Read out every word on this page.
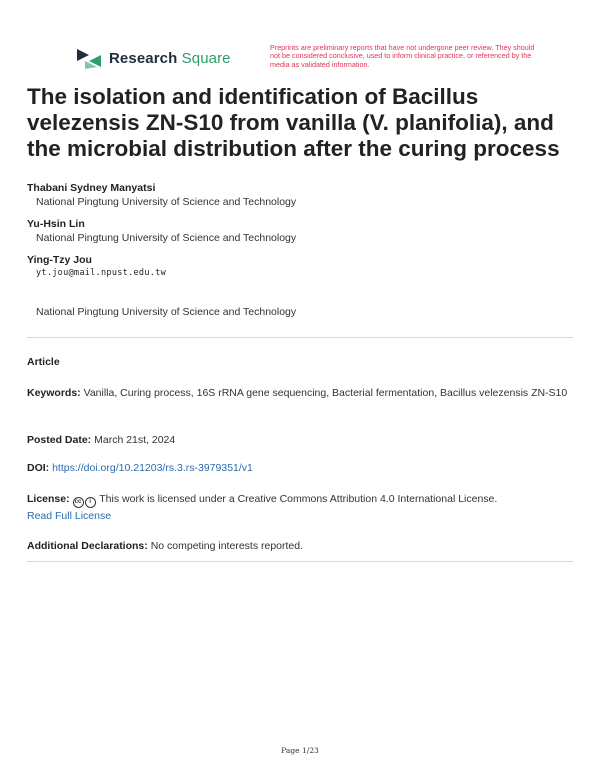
Research Square
Preprints are preliminary reports that have not undergone peer review. They should not be considered conclusive, used to inform clinical practice, or referenced by the media as validated information.
The isolation and identification of Bacillus velezensis ZN-S10 from vanilla (V. planifolia), and the microbial distribution after the curing process
Thabani Sydney Manyatsi
National Pingtung University of Science and Technology
Yu-Hsin Lin
National Pingtung University of Science and Technology
Ying-Tzy Jou
yt.jou@mail.npust.edu.tw
National Pingtung University of Science and Technology
Article
Keywords: Vanilla, Curing process, 16S rRNA gene sequencing, Bacterial fermentation, Bacillus velezensis ZN-S10
Posted Date: March 21st, 2024
DOI: https://doi.org/10.21203/rs.3.rs-3979351/v1
License: cc i This work is licensed under a Creative Commons Attribution 4.0 International License.
Read Full License
Additional Declarations: No competing interests reported.
Page 1/23
